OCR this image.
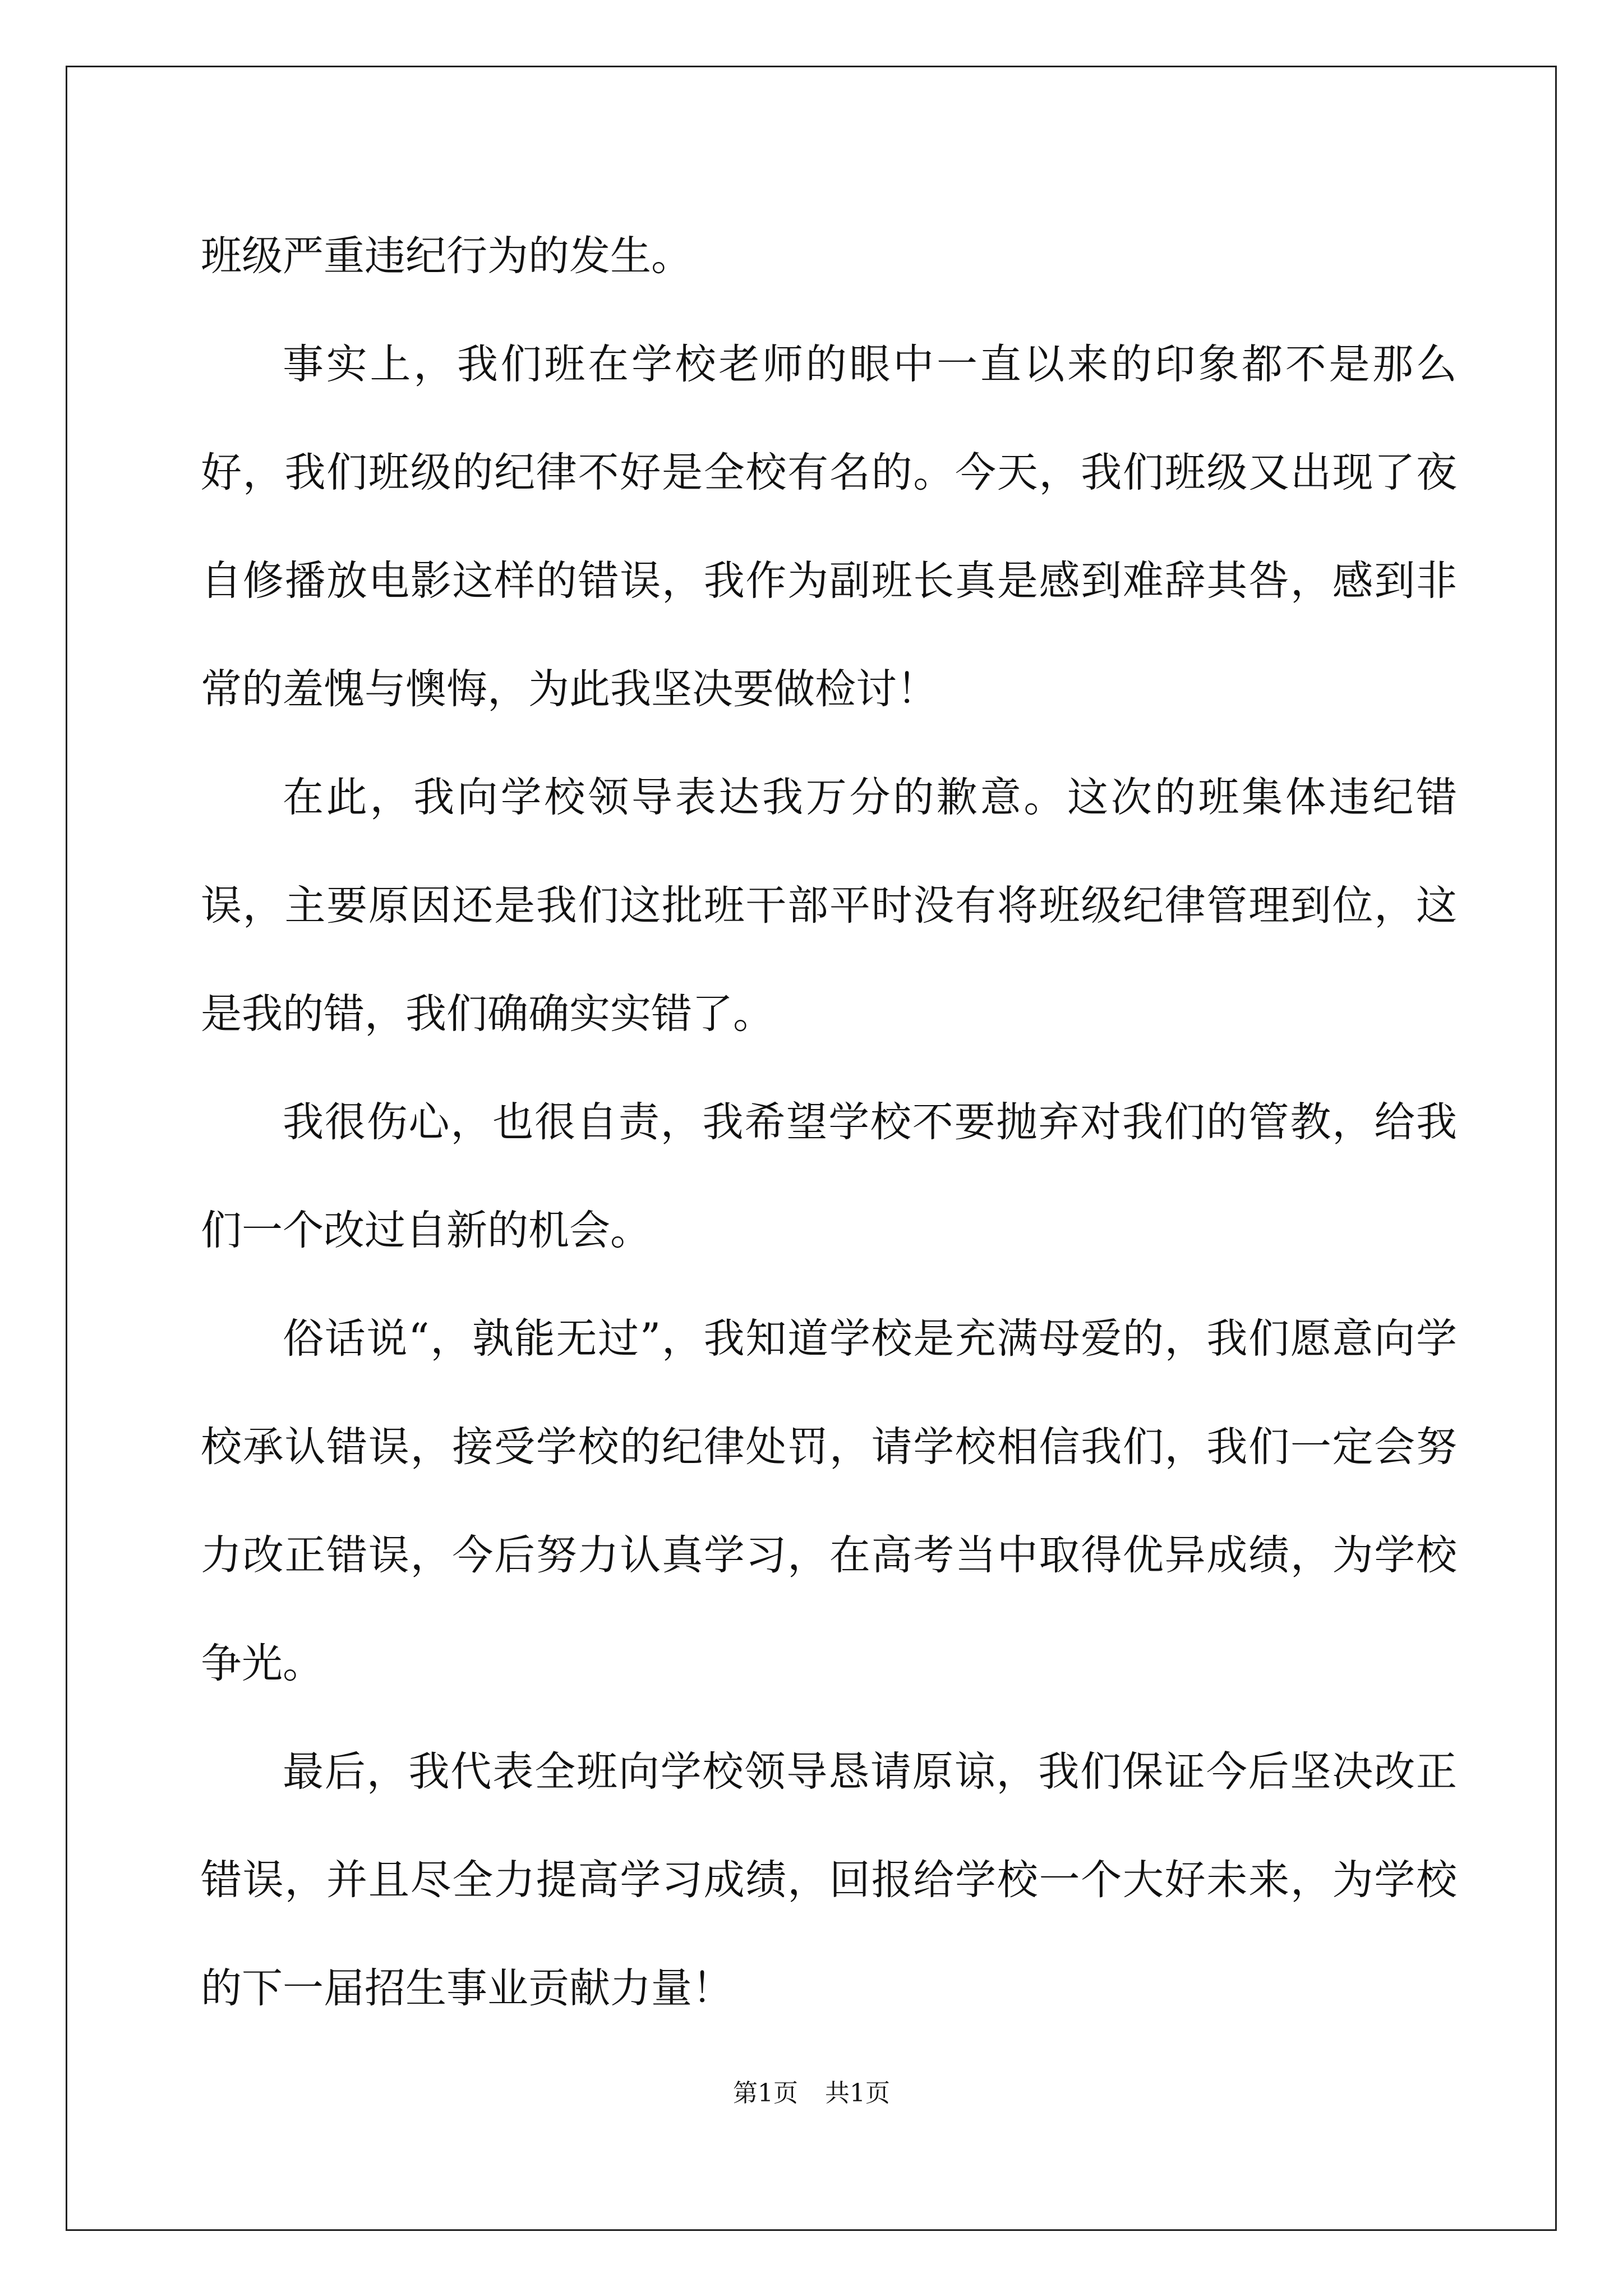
班级严重违纪行为的发生。

事实上，我们班在学校老师的眼中一直以来的印象都不是那么好，我们班级的纪律不好是全校有名的。今天，我们班级又出现了夜自修播放电影这样的错误，我作为副班长真是感到难辞其咎，感到非常的羞愧与懊悔，为此我坚决要做检讨！

在此，我向学校领导表达我万分的歉意。这次的班集体违纪错误，主要原因还是我们这批班干部平时没有将班级纪律管理到位，这是我的错，我们确确实实错了。

我很伤心，也很自责，我希望学校不要抛弃对我们的管教，给我们一个改过自新的机会。

俗话说“，孰能无过”，我知道学校是充满母爱的，我们愿意向学校承认错误，接受学校的纪律处罚，请学校相信我们，我们一定会努力改正错误，今后努力认真学习，在高考当中取得优异成绩，为学校争光。

最后，我代表全班向学校领导恳请原谅，我们保证今后坚决改正错误，并且尽全力提高学习成绩，回报给学校一个大好未来，为学校的下一届招生事业贡献力量！

第1页 共1页
